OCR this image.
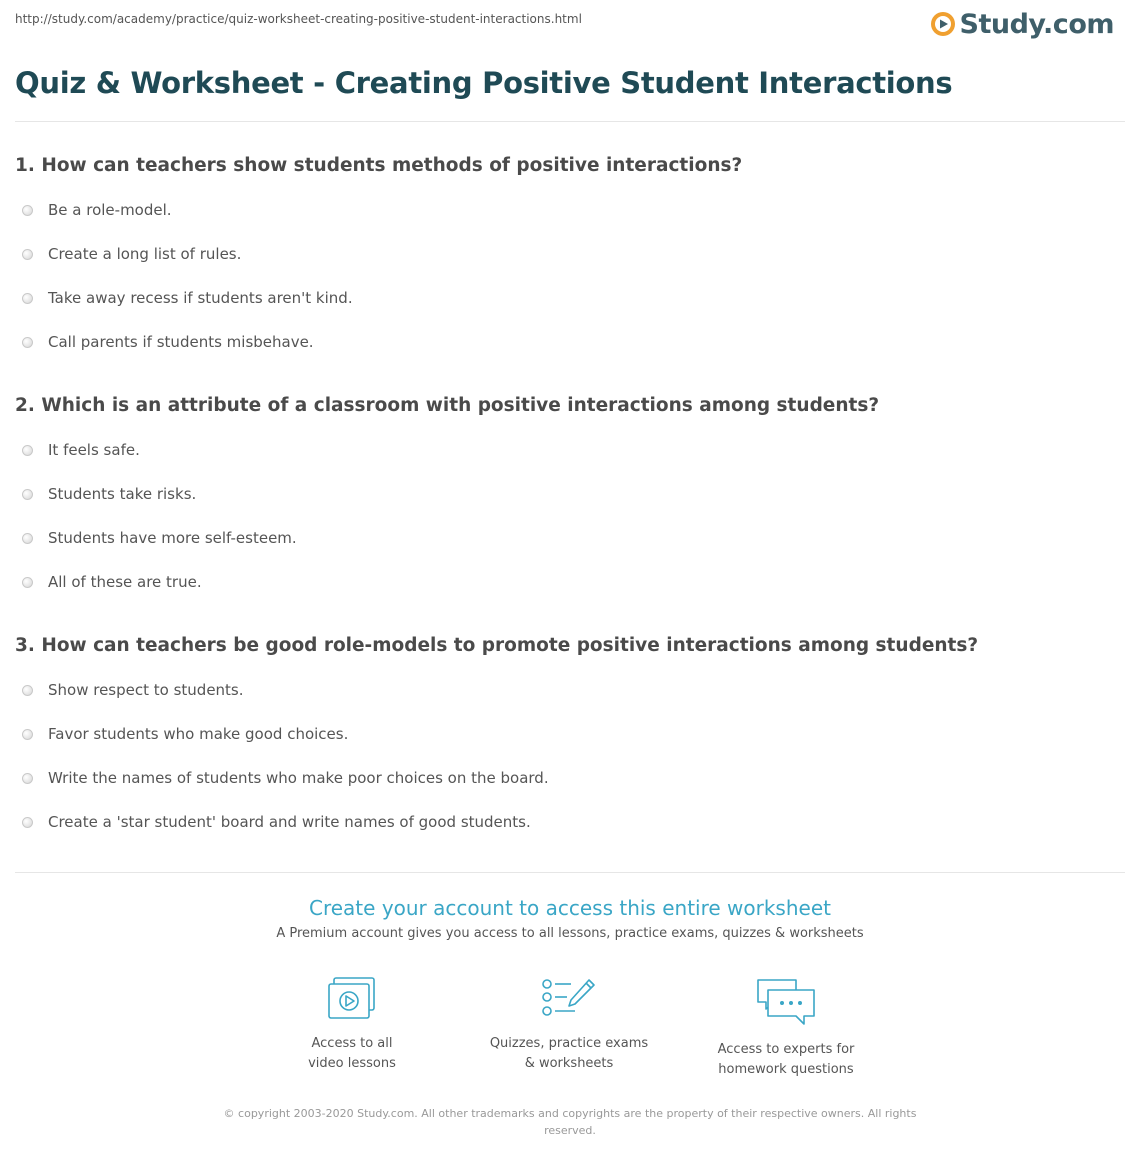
http://study.com/academy/practice/quiz-worksheet-creating-positive-student-interactions.html	Study.com
Quiz & Worksheet - Creating Positive Student Interactions
1. How can teachers show students methods of positive interactions?
Be a role-model.
Create a long list of rules.
Take away recess if students aren't kind.
Call parents if students misbehave.
2. Which is an attribute of a classroom with positive interactions among students?
It feels safe.
Students take risks.
Students have more self-esteem.
All of these are true.
3. How can teachers be good role-models to promote positive interactions among students?
Show respect to students.
Favor students who make good choices.
Write the names of students who make poor choices on the board.
Create a 'star student' board and write names of good students.
Create your account to access this entire worksheet
A Premium account gives you access to all lessons, practice exams, quizzes & worksheets
Access to all
video lessons
Quizzes, practice exams
& worksheets
Access to experts for
homework questions
© copyright 2003-2020 Study.com. All other trademarks and copyrights are the property of their respective owners. All rights
reserved.
